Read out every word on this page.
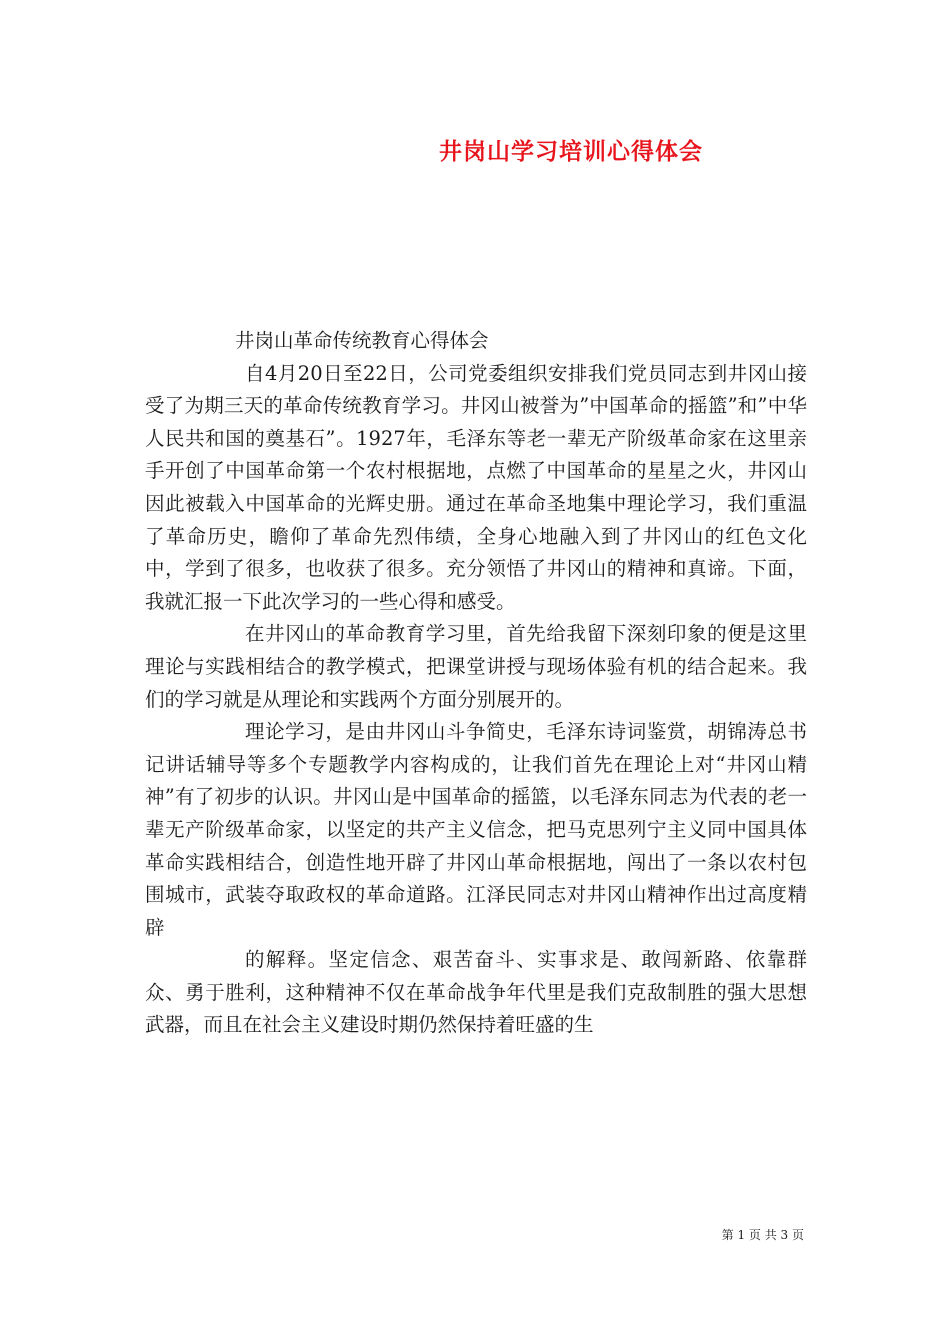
井岗山学习培训心得体会
井岗山革命传统教育心得体会
自4月20日至22日，公司党委组织安排我们党员同志到井冈山接受了为期三天的革命传统教育学习。井冈山被誉为”中国革命的摇篮”和”中华人民共和国的奠基石”。1927年，毛泽东等老一辈无产阶级革命家在这里亲手开创了中国革命第一个农村根据地，点燃了中国革命的星星之火，井冈山因此被载入中国革命的光辉史册。通过在革命圣地集中理论学习，我们重温了革命历史，瞻仰了革命先烈伟绩，全身心地融入到了井冈山的红色文化中，学到了很多，也收获了很多。充分领悟了井冈山的精神和真谛。下面，我就汇报一下此次学习的一些心得和感受。
在井冈山的革命教育学习里，首先给我留下深刻印象的便是这里理论与实践相结合的教学模式，把课堂讲授与现场体验有机的结合起来。我们的学习就是从理论和实践两个方面分别展开的。
理论学习，是由井冈山斗争简史，毛泽东诗词鉴赏，胡锦涛总书记讲话辅导等多个专题教学内容构成的，让我们首先在理论上对“井冈山精神”有了初步的认识。井冈山是中国革命的摇篮，以毛泽东同志为代表的老一辈无产阶级革命家，以坚定的共产主义信念，把马克思列宁主义同中国具体革命实践相结合，创造性地开辟了井冈山革命根据地，闯出了一条以农村包围城市，武装夺取政权的革命道路。江泽民同志对井冈山精神作出过高度精辟
的解释。坚定信念、艰苦奋斗、实事求是、敢闯新路、依靠群众、勇于胜利，这种精神不仅在革命战争年代里是我们克敌制胜的强大思想武器，而且在社会主义建设时期仍然保持着旺盛的生
第 1 页 共 3 页
